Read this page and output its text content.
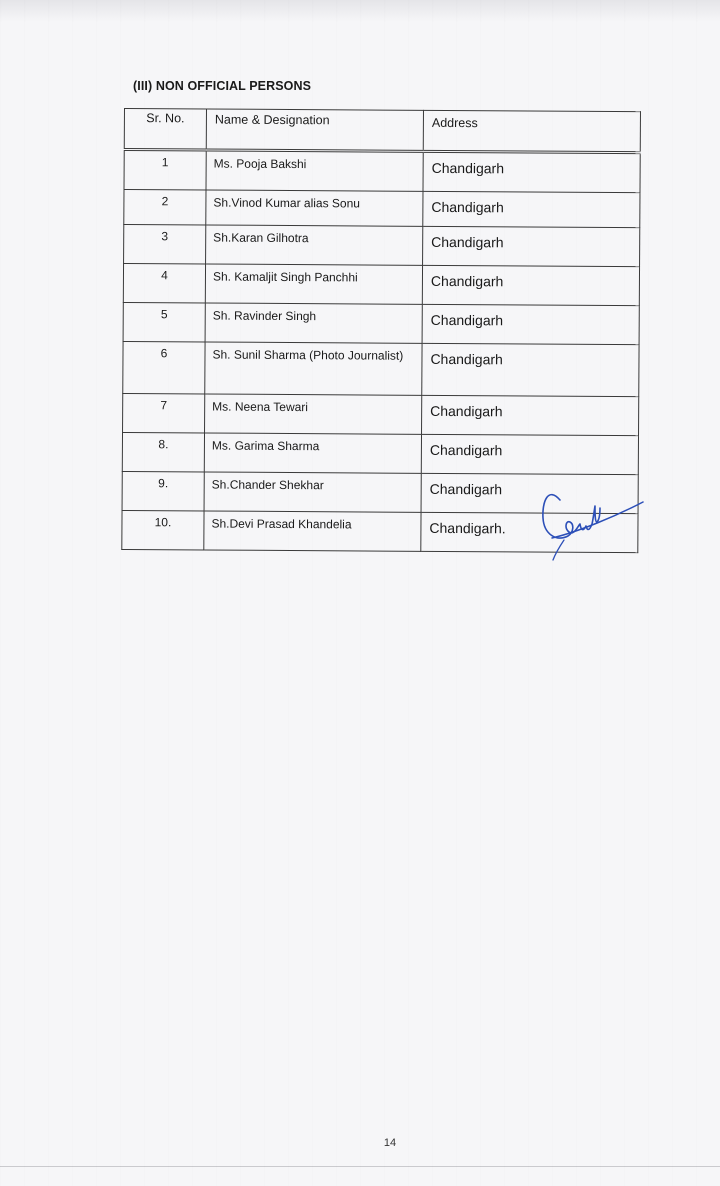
(III) NON OFFICIAL PERSONS
Sr. No.	Name & Designation	Address
1	Ms. Pooja Bakshi	Chandigarh
2	Sh.Vinod Kumar alias Sonu	Chandigarh
3	Sh.Karan Gilhotra	Chandigarh
4	Sh. Kamaljit Singh Panchhi	Chandigarh
5	Sh. Ravinder Singh	Chandigarh
6	Sh. Sunil Sharma (Photo Journalist)	Chandigarh
7	Ms. Neena Tewari	Chandigarh
8.	Ms. Garima Sharma	Chandigarh
9.	Sh.Chander Shekhar	Chandigarh
10.	Sh.Devi Prasad Khandelia	Chandigarh.
14
